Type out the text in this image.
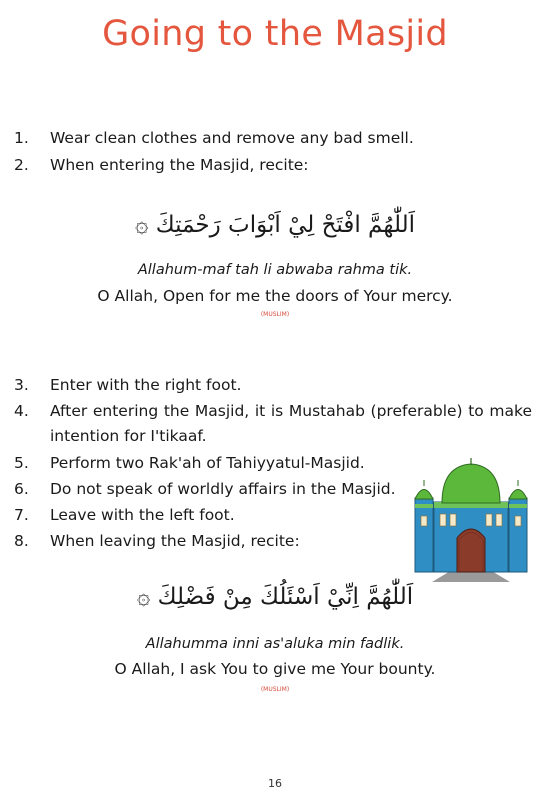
Going to the Masjid
1.	Wear clean clothes and remove any bad smell.
2.	When entering the Masjid, recite:
اَللّٰهُمَّ افْتَحْ لِيْ اَبْوَابَ رَحْمَتِكَ ۞
Allahum-maf tah li abwaba rahma tik.
O Allah, Open for me the doors of Your mercy.
(MUSLIM)
3.	Enter with the right foot.
4.	After entering the Masjid, it is Mustahab (preferable) to make intention for I'tikaaf.
5.	Perform two Rak'ah of Tahiyyatul-Masjid.
6.	Do not speak of worldly affairs in the Masjid.
7.	Leave with the left foot.
8.	When leaving the Masjid, recite:
اَللّٰهُمَّ اِنِّيْ اَسْئَلُكَ مِنْ فَضْلِكَ ۞
Allahumma inni as'aluka min fadlik.
O Allah, I ask You to give me Your bounty.
(MUSLIM)
16
